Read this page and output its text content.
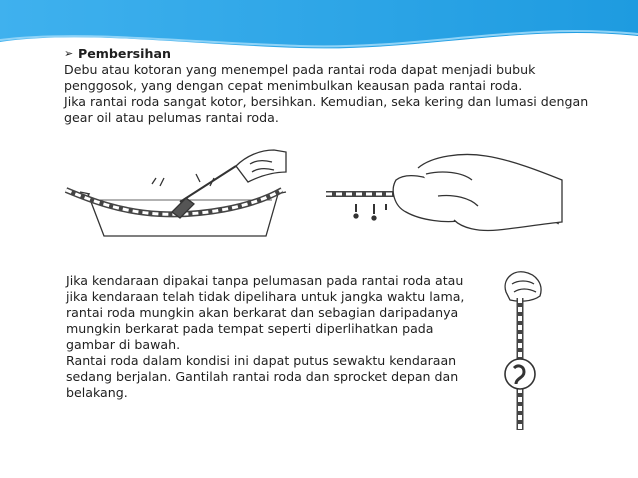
➢ Pembersihan
Debu atau kotoran yang menempel pada rantai roda dapat menjadi bubuk
penggosok, yang dengan cepat menimbulkan keausan pada rantai roda.
Jika rantai roda sangat kotor, bersihkan. Kemudian, seka kering dan lumasi dengan
gear oil atau pelumas rantai roda.
Jika kendaraan dipakai tanpa pelumasan pada rantai roda atau
jika kendaraan telah tidak dipelihara untuk jangka waktu lama,
rantai roda mungkin akan berkarat dan sebagian daripadanya
mungkin berkarat pada tempat seperti diperlihatkan pada
gambar di bawah.
Rantai roda dalam kondisi ini dapat putus sewaktu kendaraan
sedang berjalan. Gantilah rantai roda dan sprocket depan dan
belakang.
